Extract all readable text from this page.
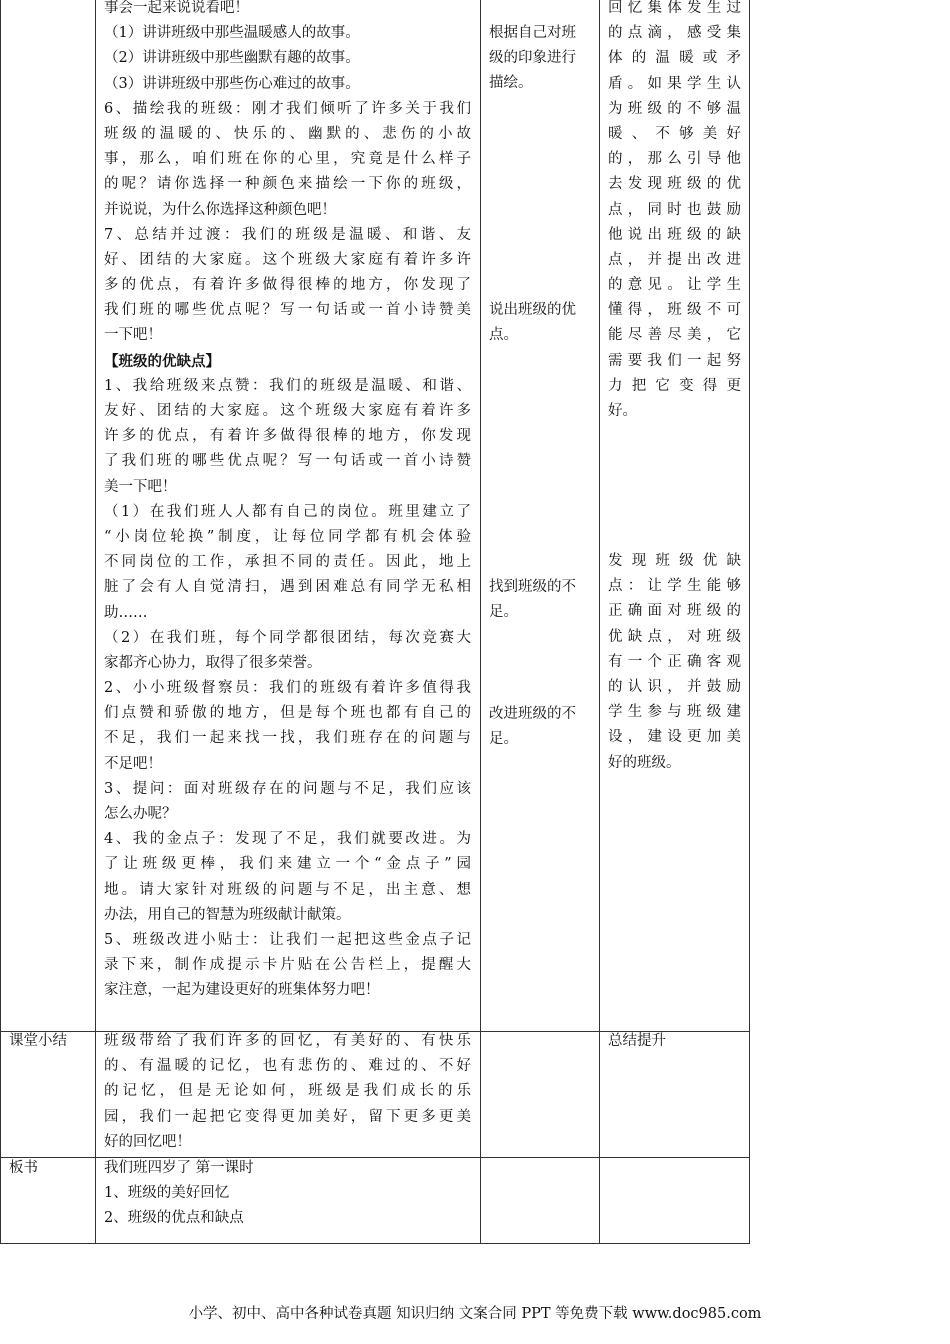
事会一起来说说看吧！
（1）讲讲班级中那些温暖感人的故事。
（2）讲讲班级中那些幽默有趣的故事。
（3）讲讲班级中那些伤心难过的故事。
6、描绘我的班级：刚才我们倾听了许多关于我们
班级的温暖的、快乐的、幽默的、悲伤的小故
事，那么，咱们班在你的心里，究竟是什么样子
的呢？请你选择一种颜色来描绘一下你的班级，
并说说，为什么你选择这种颜色吧！
7、总结并过渡：我们的班级是温暖、和谐、友
好、团结的大家庭。这个班级大家庭有着许多许
多的优点，有着许多做得很棒的地方，你发现了
我们班的哪些优点呢？写一句话或一首小诗赞美
一下吧！
【班级的优缺点】
1、我给班级来点赞：我们的班级是温暖、和谐、
友好、团结的大家庭。这个班级大家庭有着许多
许多的优点，有着许多做得很棒的地方，你发现
了我们班的哪些优点呢？写一句话或一首小诗赞
美一下吧！
（1）在我们班人人都有自己的岗位。班里建立了
“小岗位轮换”制度，让每位同学都有机会体验
不同岗位的工作，承担不同的责任。因此，地上
脏了会有人自觉清扫，遇到困难总有同学无私相
助……
（2）在我们班，每个同学都很团结，每次竞赛大
家都齐心协力，取得了很多荣誉。
2、小小班级督察员：我们的班级有着许多值得我
们点赞和骄傲的地方，但是每个班也都有自己的
不足，我们一起来找一找，我们班存在的问题与
不足吧！
3、提问：面对班级存在的问题与不足，我们应该
怎么办呢？
4、我的金点子：发现了不足，我们就要改进。为
了让班级更棒，我们来建立一个“金点子”园
地。请大家针对班级的问题与不足，出主意、想
办法，用自己的智慧为班级献计献策。
5、班级改进小贴士：让我们一起把这些金点子记
录下来，制作成提示卡片贴在公告栏上，提醒大
家注意，一起为建设更好的班集体努力吧！
根据自己对班
级的印象进行
描绘。
说出班级的优
点。
找到班级的不
足。
改进班级的不
足。
回忆集体发生过
的点滴，感受集
体的温暖或矛
盾。如果学生认
为班级的不够温
暖、不够美好
的，那么引导他
去发现班级的优
点，同时也鼓励
他说出班级的缺
点，并提出改进
的意见。让学生
懂得，班级不可
能尽善尽美，它
需要我们一起努
力把它变得更
好。
发现班级优缺
点：让学生能够
正确面对班级的
优缺点，对班级
有一个正确客观
的认识，并鼓励
学生参与班级建
设，建设更加美
好的班级。
课堂小结	班级带给了我们许多的回忆，有美好的、有快乐
的、有温暖的记忆，也有悲伤的、难过的、不好
的记忆，但是无论如何，班级是我们成长的乐
园，我们一起把它变得更加美好，留下更多更美
好的回忆吧！
总结提升
板书	我们班四岁了 第一课时
1、班级的美好回忆
2、班级的优点和缺点
小学、初中、高中各种试卷真题 知识归纳 文案合同 PPT 等免费下载 www.doc985.com
